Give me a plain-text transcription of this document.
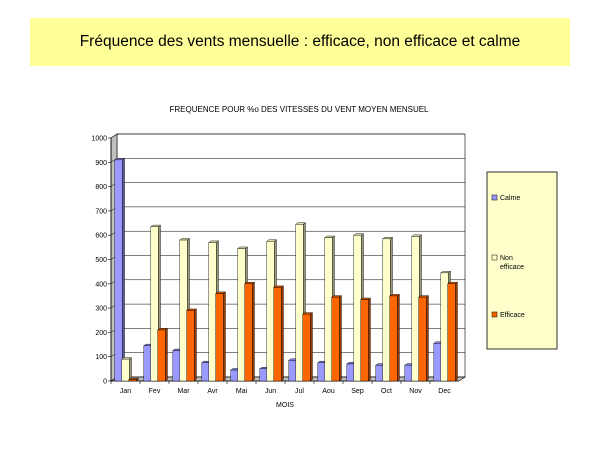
Fréquence des vents mensuelle : efficace, non efficace et calme
FREQUENCE POUR %o DES VITESSES DU VENT MOYEN MENSUEL
0
100
200
300
400
500
600
700
800
900
1000
Jan	Fev Mar	Avr	Mai	Jun	Jul	Aou Sep Oct Nov Dec
MOIS
Calme
Non efficace
Efficace
